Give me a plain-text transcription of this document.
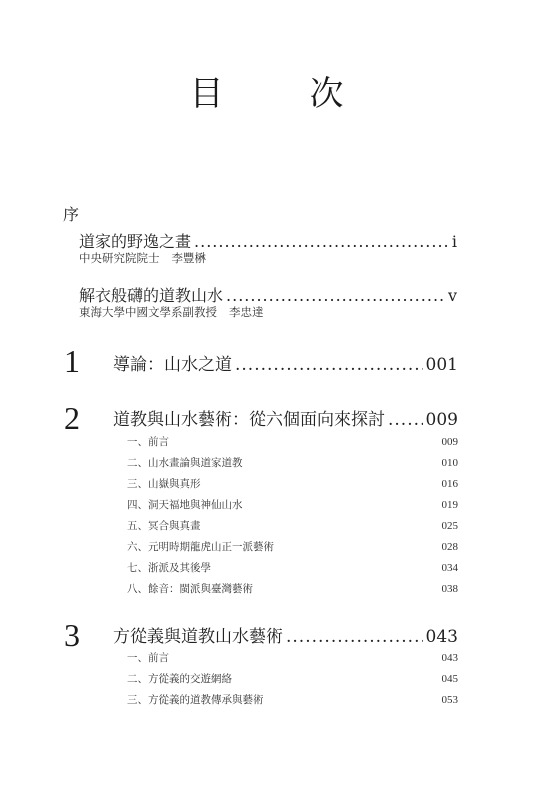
目　次
序
道家的野逸之畫 .....	i
中央研究院院士 李豐楙
解衣般礴的道教山水 .....	v
東海大學中國文學系副教授 李忠達
1 導論：山水之道 .....	001
2 道教與山水藝術：從六個面向來探討 ..... 009
一、前言	009
二、山水畫論與道家道教	010
三、山嶽與真形	016
四、洞天福地與神仙山水	019
五、冥合與真畫	025
六、元明時期龍虎山正一派藝術	028
七、浙派及其後學	034
八、餘音：閩派與臺灣藝術	038
3 方從義與道教山水藝術 .....	043
一、前言	043
二、方從義的交遊網絡	045
三、方從義的道教傳承與藝術	053
